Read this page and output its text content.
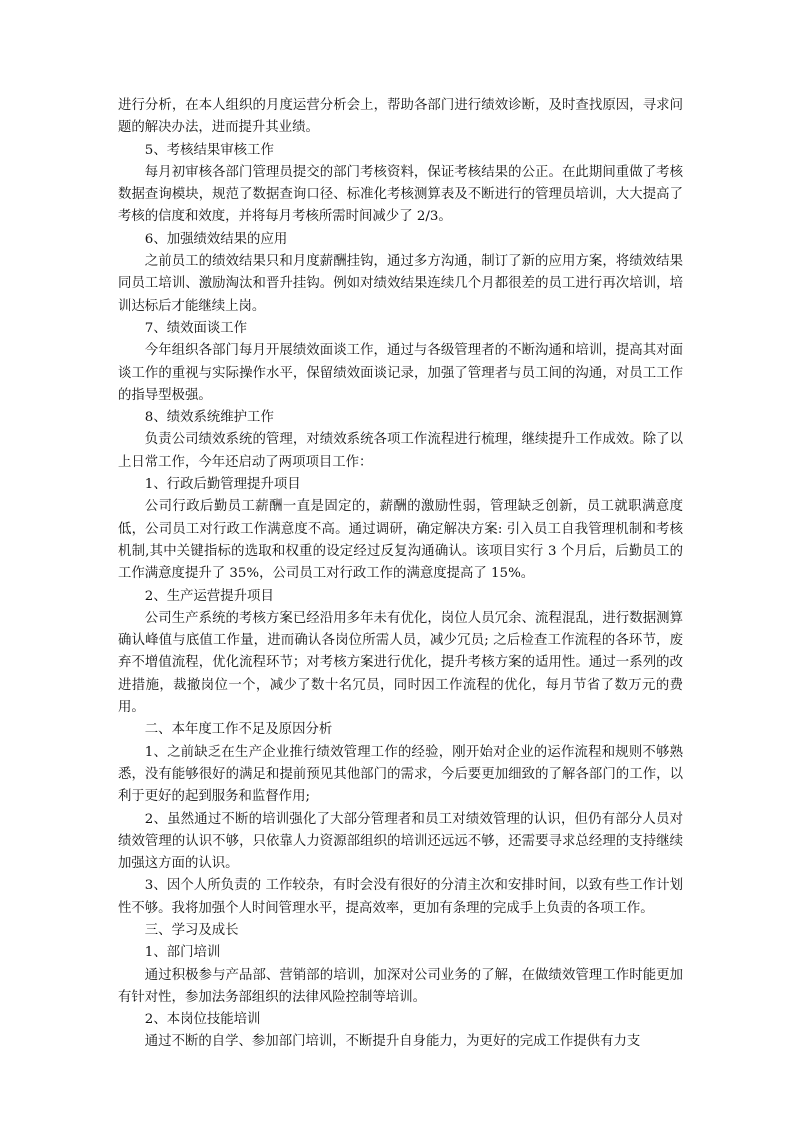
进行分析，在本人组织的月度运营分析会上，帮助各部门进行绩效诊断，及时查找原因，寻求问题的解决办法，进而提升其业绩。

5、考核结果审核工作

每月初审核各部门管理员提交的部门考核资料，保证考核结果的公正。在此期间重做了考核数据查询模块，规范了数据查询口径、标准化考核测算表及不断进行的管理员培训，大大提高了考核的信度和效度，并将每月考核所需时间减少了 2/3。

6、加强绩效结果的应用

之前员工的绩效结果只和月度薪酬挂钩，通过多方沟通，制订了新的应用方案，将绩效结果同员工培训、激励淘汰和晋升挂钩。例如对绩效结果连续几个月都很差的员工进行再次培训，培训达标后才能继续上岗。

7、绩效面谈工作

今年组织各部门每月开展绩效面谈工作，通过与各级管理者的不断沟通和培训，提高其对面谈工作的重视与实际操作水平，保留绩效面谈记录，加强了管理者与员工间的沟通，对员工工作的指导型极强。

8、绩效系统维护工作

负责公司绩效系统的管理，对绩效系统各项工作流程进行梳理，继续提升工作成效。除了以上日常工作，今年还启动了两项项目工作：

1、行政后勤管理提升项目

公司行政后勤员工薪酬一直是固定的，薪酬的激励性弱，管理缺乏创新，员工就职满意度低，公司员工对行政工作满意度不高。通过调研，确定解决方案: 引入员工自我管理机制和考核机制,其中关键指标的选取和权重的设定经过反复沟通确认。该项目实行 3 个月后，后勤员工的工作满意度提升了 35%，公司员工对行政工作的满意度提高了 15%。

2、生产运营提升项目

公司生产系统的考核方案已经沿用多年未有优化，岗位人员冗余、流程混乱，进行数据测算确认峰值与底值工作量，进而确认各岗位所需人员，减少冗员; 之后检查工作流程的各环节，废弃不增值流程，优化流程环节；对考核方案进行优化，提升考核方案的适用性。通过一系列的改进措施，裁撤岗位一个，减少了数十名冗员，同时因工作流程的优化，每月节省了数万元的费用。

二、本年度工作不足及原因分析

1、之前缺乏在生产企业推行绩效管理工作的经验，刚开始对企业的运作流程和规则不够熟悉，没有能够很好的满足和提前预见其他部门的需求，今后要更加细致的了解各部门的工作，以利于更好的起到服务和监督作用;

2、虽然通过不断的培训强化了大部分管理者和员工对绩效管理的认识，但仍有部分人员对绩效管理的认识不够，只依靠人力资源部组织的培训还远远不够，还需要寻求总经理的支持继续加强这方面的认识。

3、因个人所负责的 工作较杂，有时会没有很好的分清主次和安排时间，以致有些工作计划性不够。我将加强个人时间管理水平，提高效率，更加有条理的完成手上负责的各项工作。

三、学习及成长

1、部门培训

通过积极参与产品部、营销部的培训，加深对公司业务的了解，在做绩效管理工作时能更加有针对性，参加法务部组织的法律风险控制等培训。

2、本岗位技能培训

通过不断的自学、参加部门培训，不断提升自身能力，为更好的完成工作提供有力支
